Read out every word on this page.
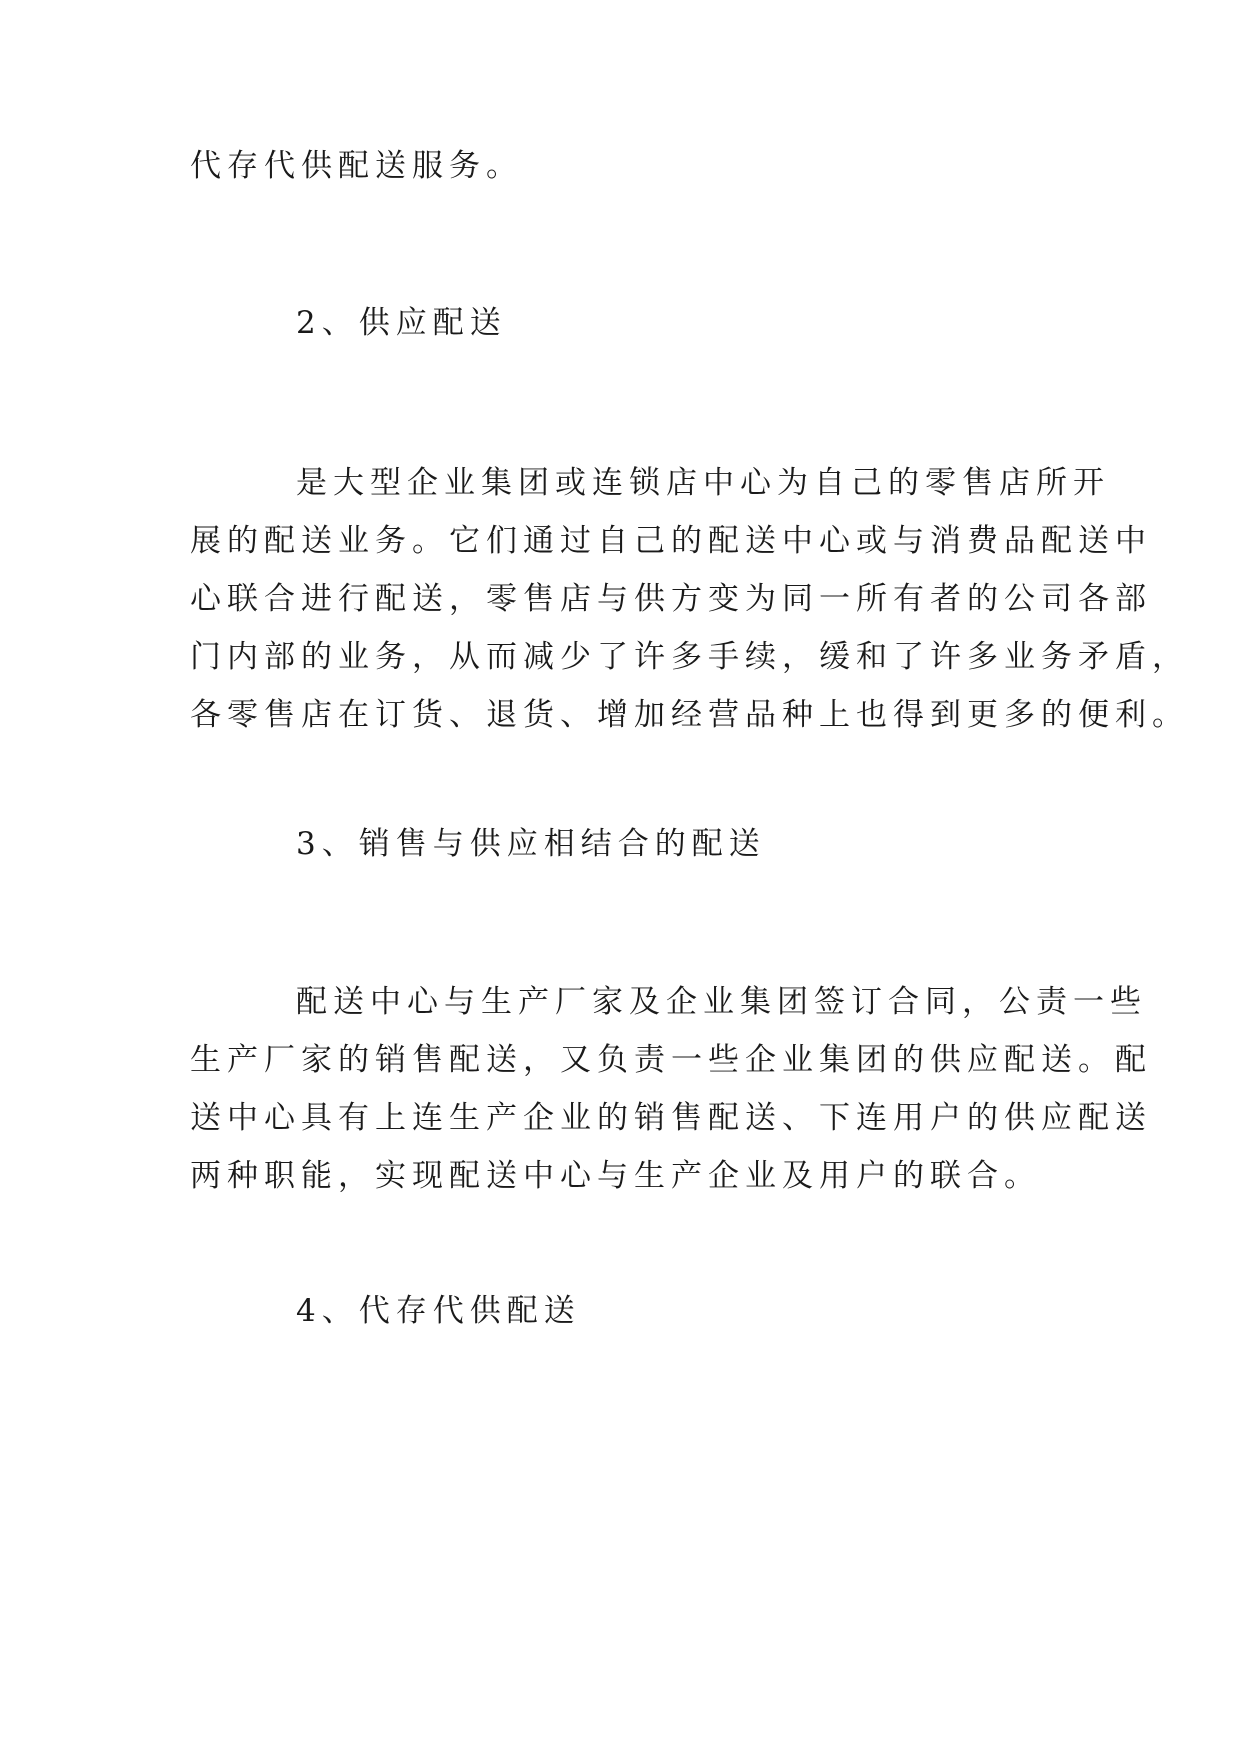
代存代供配送服务。
2、供应配送
是大型企业集团或连锁店中心为自己的零售店所开
展的配送业务。它们通过自己的配送中心或与消费品配送中
心联合进行配送，零售店与供方变为同一所有者的公司各部
门内部的业务，从而减少了许多手续，缓和了许多业务矛盾，
各零售店在订货、退货、增加经营品种上也得到更多的便利。
3、销售与供应相结合的配送
配送中心与生产厂家及企业集团签订合同，公责一些
生产厂家的销售配送，又负责一些企业集团的供应配送。配
送中心具有上连生产企业的销售配送、下连用户的供应配送
两种职能，实现配送中心与生产企业及用户的联合。
4、代存代供配送
